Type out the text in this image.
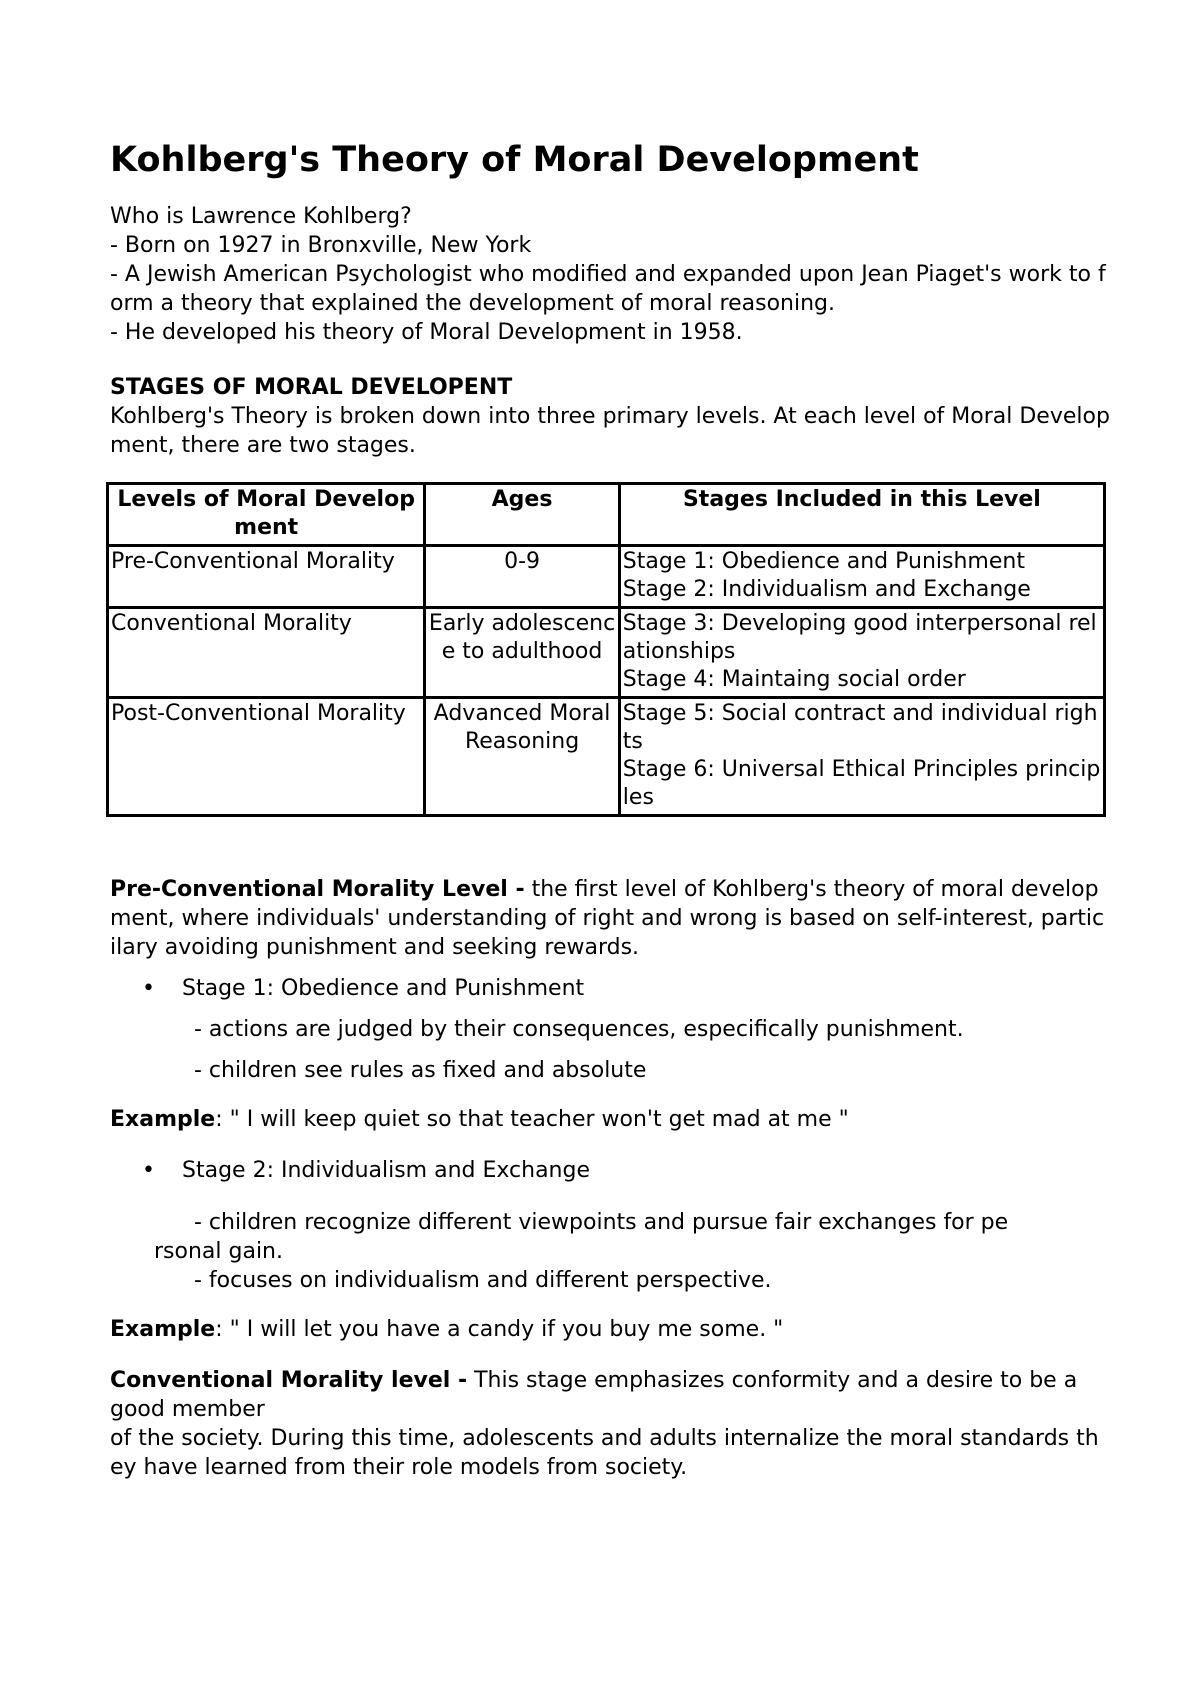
Kohlberg's Theory of Moral Development
Who is Lawrence Kohlberg?
- Born on 1927 in Bronxville, New York
- A Jewish American Psychologist who modified and expanded upon Jean Piaget's work to form a theory that explained the development of moral reasoning.
- He developed his theory of Moral Development in 1958.
STAGES OF MORAL DEVELOPENT
Kohlberg's Theory is broken down into three primary levels. At each level of Moral Development, there are two stages.
Levels of Moral Development	Ages	Stages Included in this Level
Pre-Conventional Morality	0-9	Stage 1: Obedience and Punishment
Stage 2: Individualism and Exchange

Conventional Morality	Early adolescence to adulthood	Stage 3: Developing good interpersonal relationships
Stage 4: Maintaing social order

Post-Conventional Morality	Advanced Moral Reasoning	Stage 5: Social contract and individual rights
Stage 6: Universal Ethical Principles principles
Pre-Conventional Morality Level - the first level of Kohlberg's theory of moral development, where individuals' understanding of right and wrong is based on self-interest, particilary avoiding punishment and seeking rewards.
• Stage 1: Obedience and Punishment
- actions are judged by their consequences, especifically punishment.
- children see rules as fixed and absolute
Example: " I will keep quiet so that teacher won't get mad at me "
• Stage 2: Individualism and Exchange
- children recognize different viewpoints and pursue fair exchanges for pe
rsonal gain.
- focuses on individualism and different perspective.
Example: " I will let you have a candy if you buy me some. "
Conventional Morality level - This stage emphasizes conformity and a desire to be a good member
of the society. During this time, adolescents and adults internalize the moral standards they have learned from their role models from society.
